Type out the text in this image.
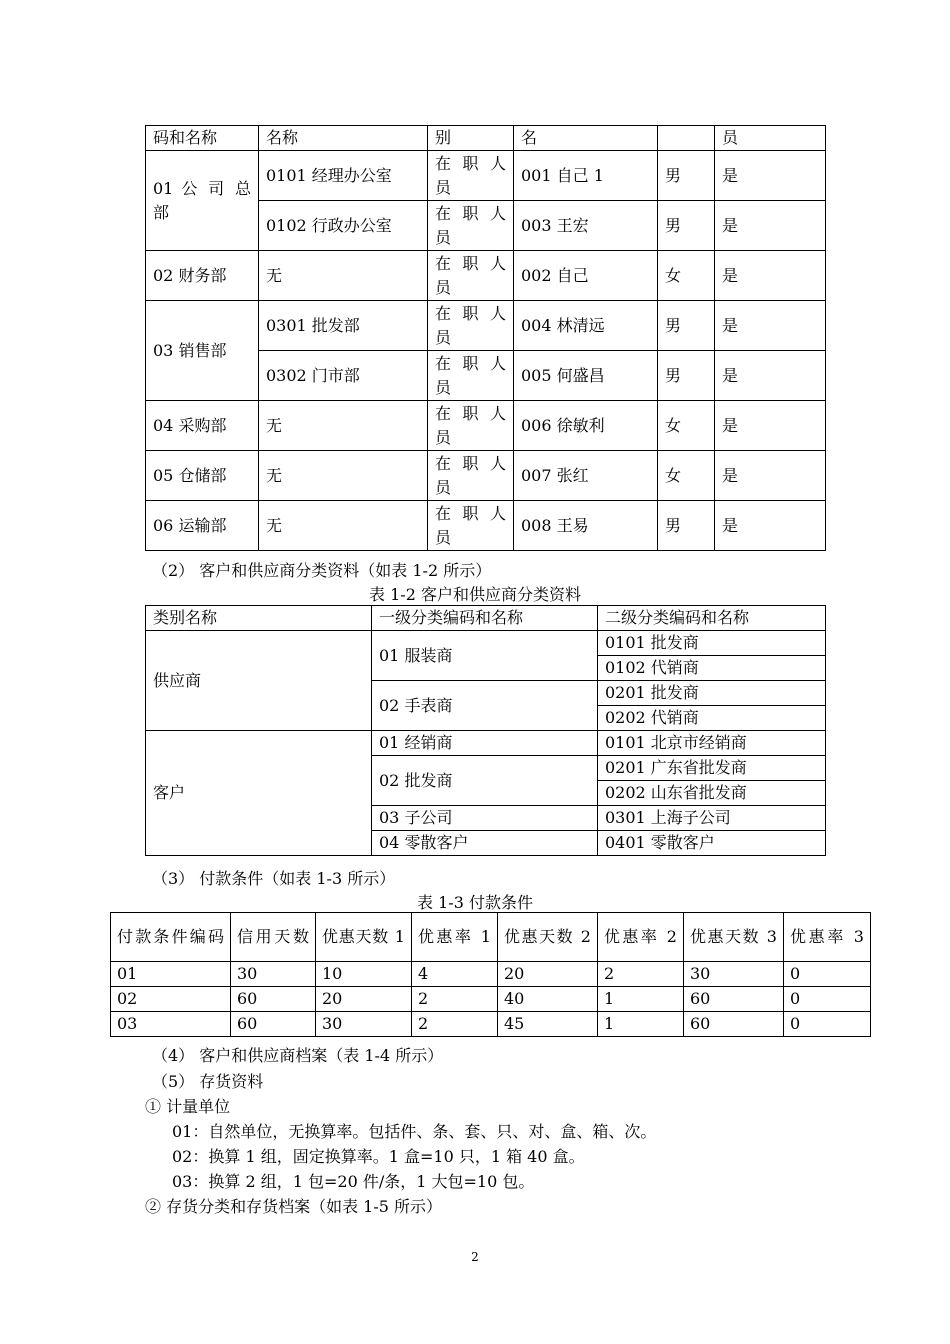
码和名称	名称	别	名		员
01 公 司 总 部	0101 经理办公室	在 职 人 员	001 自己 1	男	是
	0102 行政办公室	在 职 人 员	003 王宏	男	是
02 财务部	无	在 职 人 员	002 自己	女	是
03 销售部	0301 批发部	在 职 人 员	004 林清远	男	是
	0302 门市部	在 职 人 员	005 何盛昌	男	是
04 采购部	无	在 职 人 员	006 徐敏利	女	是
05 仓储部	无	在 职 人 员	007 张红	女	是
06 运输部	无	在 职 人 员	008 王易	男	是
（2） 客户和供应商分类资料（如表 1-2 所示）
表 1-2 客户和供应商分类资料
类别名称	一级分类编码和名称	二级分类编码和名称
供应商	01 服装商	0101 批发商
		0102 代销商
	02 手表商	0201 批发商
		0202 代销商
客户	01 经销商	0101 北京市经销商
	02 批发商	0201 广东省批发商
		0202 山东省批发商
	03 子公司	0301 上海子公司
	04 零散客户	0401 零散客户
（3） 付款条件（如表 1-3 所示）
表 1-3 付款条件
付款条件编码	信用天数	优惠天数 1	优惠率 1	优惠天数 2	优惠率 2	优惠天数 3	优惠率 3
01	30	10	4	20	2	30	0
02	60	20	2	40	1	60	0
03	60	30	2	45	1	60	0
（4） 客户和供应商档案（表 1-4 所示）
（5） 存货资料
① 计量单位
01：自然单位，无换算率。包括件、条、套、只、对、盒、箱、次。
02：换算 1 组，固定换算率。1 盒=10 只，1 箱 40 盒。
03：换算 2 组，1 包=20 件/条，1 大包=10 包。
② 存货分类和存货档案（如表 1-5 所示）
2
